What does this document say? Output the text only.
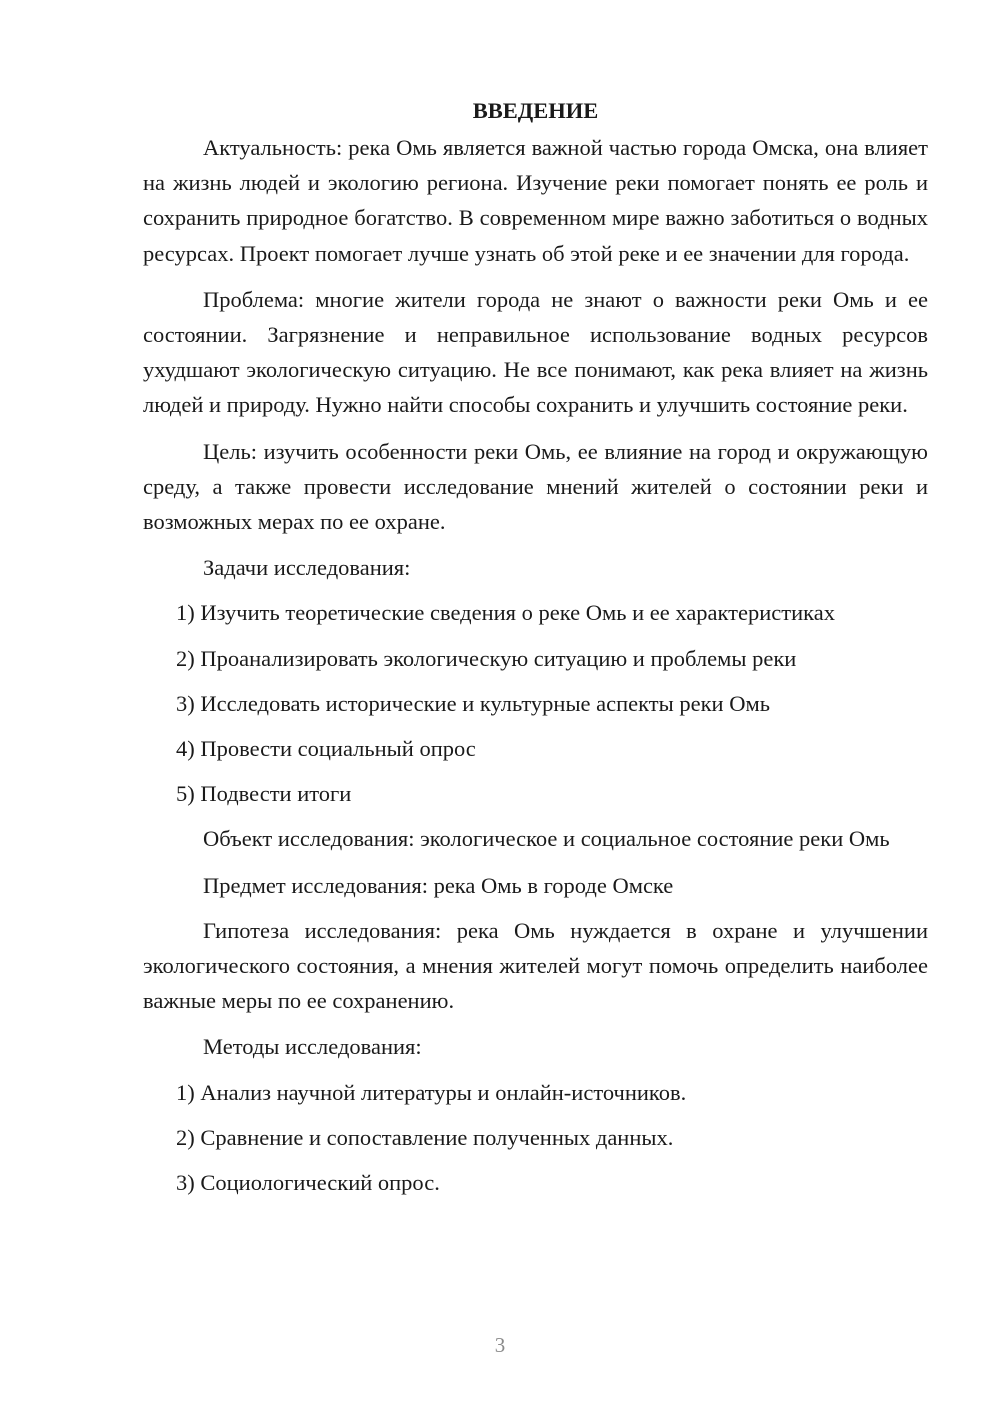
ВВЕДЕНИЕ

Актуальность: река Омь является важной частью города Омска, она влияет на жизнь людей и экологию региона. Изучение реки помогает понять ее роль и сохранить природное богатство. В современном мире важно заботиться о водных ресурсах. Проект помогает лучше узнать об этой реке и ее значении для города.

Проблема: многие жители города не знают о важности реки Омь и ее состоянии. Загрязнение и неправильное использование водных ресурсов ухудшают экологическую ситуацию. Не все понимают, как река влияет на жизнь людей и природу. Нужно найти способы сохранить и улучшить состояние реки.

Цель: изучить особенности реки Омь, ее влияние на город и окружающую среду, а также провести исследование мнений жителей о состоянии реки и возможных мерах по ее охране.

Задачи исследования:

1) Изучить теоретические сведения о реке Омь и ее характеристиках

2) Проанализировать экологическую ситуацию и проблемы реки

3) Исследовать исторические и культурные аспекты реки Омь

4) Провести социальный опрос

5) Подвести итоги

Объект исследования: экологическое и социальное состояние реки Омь

Предмет исследования: река Омь в городе Омске

Гипотеза исследования: река Омь нуждается в охране и улучшении экологического состояния, а мнения жителей могут помочь определить наиболее важные меры по ее сохранению.

Методы исследования:

1) Анализ научной литературы и онлайн-источников.

2) Сравнение и сопоставление полученных данных.

3) Социологический опрос.

3
